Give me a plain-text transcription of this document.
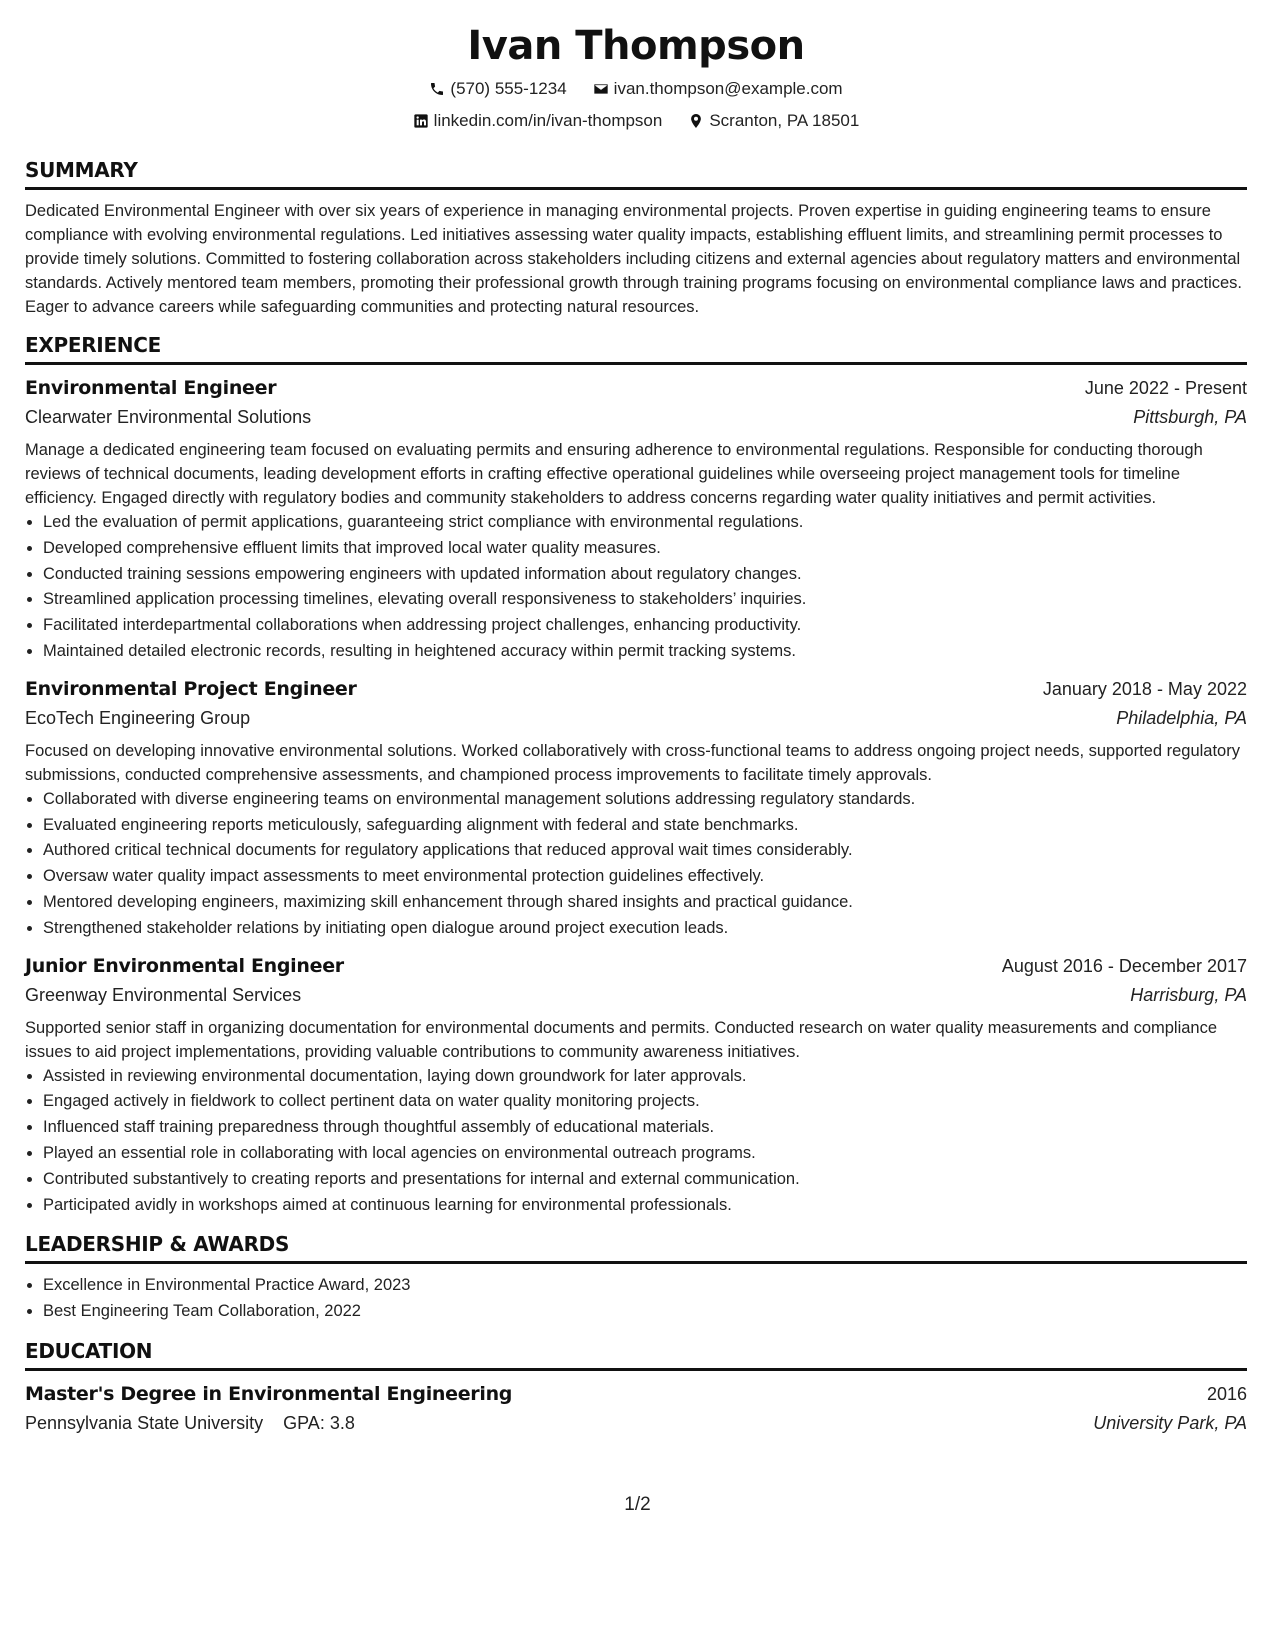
Ivan Thompson
(570) 555-1234	ivan.thompson@example.com
linkedin.com/in/ivan-thompson	Scranton, PA 18501
SUMMARY

Dedicated Environmental Engineer with over six years of experience in managing environmental projects. Proven expertise in guiding engineering teams to ensure compliance with evolving environmental regulations. Led initiatives assessing water quality impacts, establishing effluent limits, and streamlining permit processes to provide timely solutions. Committed to fostering collaboration across stakeholders including citizens and external agencies about regulatory matters and environmental standards. Actively mentored team members, promoting their professional growth through training programs focusing on environmental compliance laws and practices. Eager to advance careers while safeguarding communities and protecting natural resources.

EXPERIENCE
Environmental Engineer	June 2022 - Present
Clearwater Environmental Solutions	Pittsburgh, PA

Manage a dedicated engineering team focused on evaluating permits and ensuring adherence to environmental regulations. Responsible for conducting thorough reviews of technical documents, leading development efforts in crafting effective operational guidelines while overseeing project management tools for timeline efficiency. Engaged directly with regulatory bodies and community stakeholders to address concerns regarding water quality initiatives and permit activities.

• Led the evaluation of permit applications, guaranteeing strict compliance with environmental regulations.
• Developed comprehensive effluent limits that improved local water quality measures.
• Conducted training sessions empowering engineers with updated information about regulatory changes.
• Streamlined application processing timelines, elevating overall responsiveness to stakeholders’ inquiries.
• Facilitated interdepartmental collaborations when addressing project challenges, enhancing productivity.
• Maintained detailed electronic records, resulting in heightened accuracy within permit tracking systems.
Environmental Project Engineer	January 2018 - May 2022
EcoTech Engineering Group	Philadelphia, PA

Focused on developing innovative environmental solutions. Worked collaboratively with cross-functional teams to address ongoing project needs, supported regulatory submissions, conducted comprehensive assessments, and championed process improvements to facilitate timely approvals.

• Collaborated with diverse engineering teams on environmental management solutions addressing regulatory standards.
• Evaluated engineering reports meticulously, safeguarding alignment with federal and state benchmarks.
• Authored critical technical documents for regulatory applications that reduced approval wait times considerably.
• Oversaw water quality impact assessments to meet environmental protection guidelines effectively.
• Mentored developing engineers, maximizing skill enhancement through shared insights and practical guidance.
• Strengthened stakeholder relations by initiating open dialogue around project execution leads.
Junior Environmental Engineer	August 2016 - December 2017
Greenway Environmental Services	Harrisburg, PA

Supported senior staff in organizing documentation for environmental documents and permits. Conducted research on water quality measurements and compliance issues to aid project implementations, providing valuable contributions to community awareness initiatives.

• Assisted in reviewing environmental documentation, laying down groundwork for later approvals.
• Engaged actively in fieldwork to collect pertinent data on water quality monitoring projects.
• Influenced staff training preparedness through thoughtful assembly of educational materials.
• Played an essential role in collaborating with local agencies on environmental outreach programs.
• Contributed substantively to creating reports and presentations for internal and external communication.
• Participated avidly in workshops aimed at continuous learning for environmental professionals.
LEADERSHIP & AWARDS
• Excellence in Environmental Practice Award, 2023
• Best Engineering Team Collaboration, 2022
EDUCATION
Master's Degree in Environmental Engineering	2016
Pennsylvania State University GPA: 3.8	University Park, PA
1/2
